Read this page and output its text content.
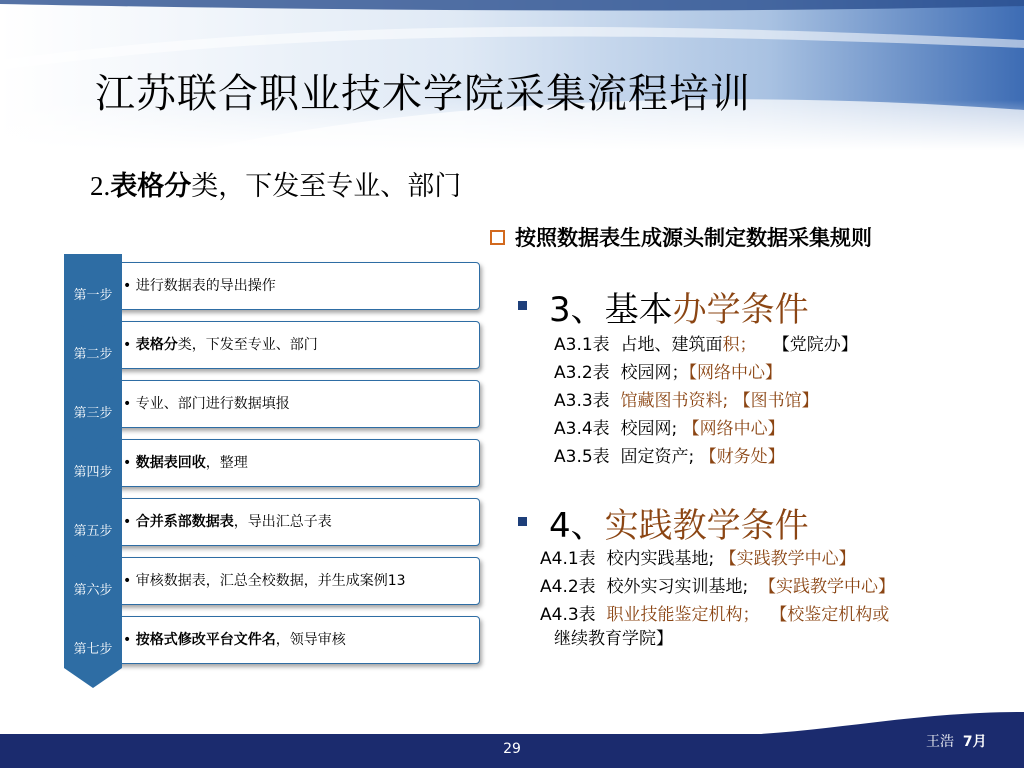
江苏联合职业技术学院采集流程培训
2.表格分类，下发至专业、部门
按照数据表生成源头制定数据采集规则
• 进行数据表的导出操作
第一步
• 表格分类，下发至专业、部门
第二步
• 专业、部门进行数据填报
第三步
• 数据表回收，整理
第四步
• 合并系部数据表，导出汇总子表
第五步
• 审核数据表，汇总全校数据，并生成案例13
第六步
• 按格式修改平台文件名，领导审核
第七步
3、基本办学条件
A3.1表 占地、建筑面积； 【党院办】
A3.2表 校园网；【网络中心】
A3.3表 馆藏图书资料; 【图书馆】
A3.4表 校园网; 【网络中心】
A3.5表 固定资产; 【财务处】
4、实践教学条件
A4.1表 校内实践基地; 【实践教学中心】
A4.2表 校外实习实训基地; 【实践教学中心】
A4.3表 职业技能鉴定机构； 【校鉴定机构或
继续教育学院】
29	王浩 7月
